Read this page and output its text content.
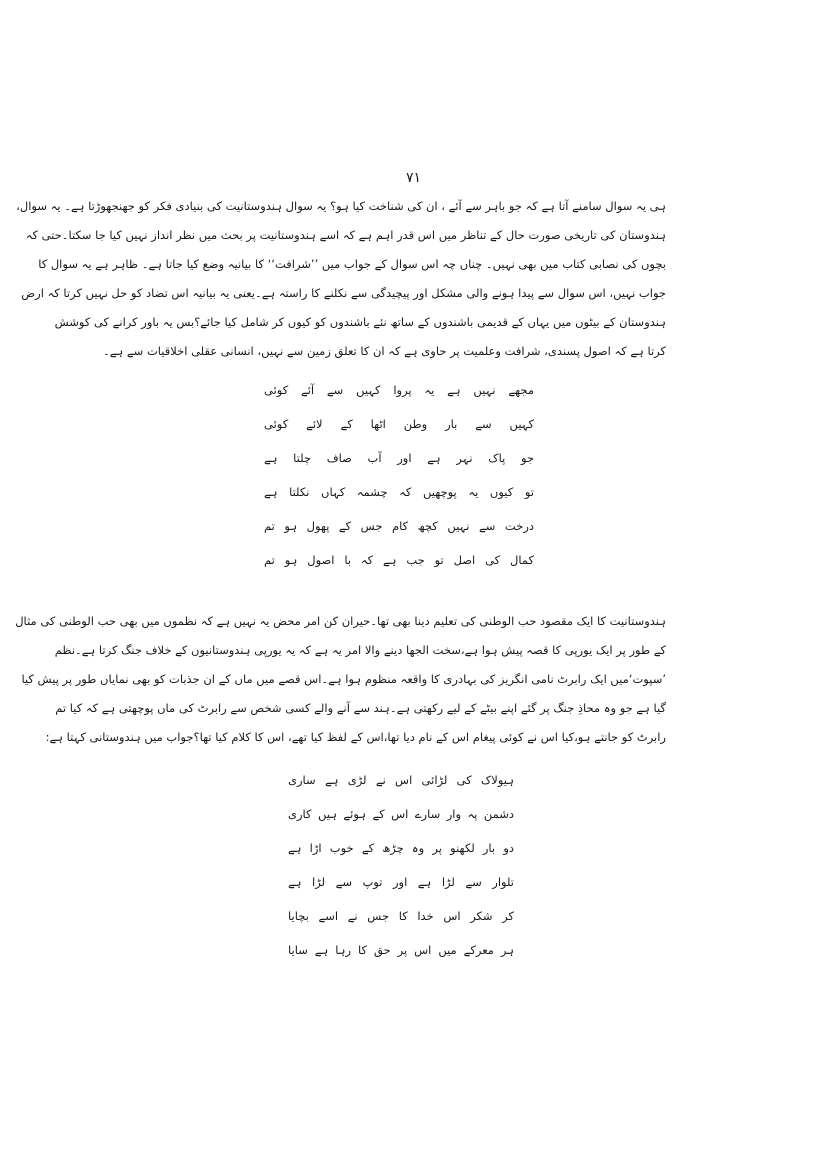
۷۱
ہی یہ سوال سامنے آتا ہے کہ جو باہر سے آئے ، ان کی شناخت کیا ہو؟ یہ سوال ہندوستانیت کی بنیادی فکر کو جھنجھوڑتا ہے۔ یہ سوال،
ہندوستان کی تاریخی صورت حال کے تناظر میں اس قدر اہم ہے کہ اسے ہندوستانیت پر بحث میں نظر انداز نہیں کیا جا سکتا۔حتی کہ
بچوں کی نصابی کتاب میں بھی نہیں۔ چناں چہ اس سوال کے جواب میں ’’شرافت‘‘ کا بیانیہ وضع کیا جاتا ہے۔ ظاہر ہے یہ سوال کا
جواب نہیں، اس سوال سے پیدا ہونے والی مشکل اور پیچیدگی سے نکلنے کا راستہ ہے۔یعنی یہ بیانیہ اس تضاد کو حل نہیں کرتا کہ ارض
ہندوستان کے بیٹوں میں یہاں کے قدیمی باشندوں کے ساتھ نئے باشندوں کو کیوں کر شامل کیا جائے؟بس یہ باور کرانے کی کوشش
کرتا ہے کہ اصول پسندی، شرافت وعلمیت پر حاوی ہے کہ ان کا تعلق زمین سے نہیں، انسانی عقلی اخلاقیات سے ہے۔
مجھے نہیں ہے یہ پروا کہیں سے آئے کوئی
کہیں سے بار وطن اٹھا کے لائے کوئی
جو پاک نہر ہے اور آب صاف چلتا ہے
تو کیوں یہ پوچھیں کہ چشمہ کہاں نکلتا ہے
درخت سے نہیں کچھ کام جس کے پھول ہو تم
کمال کی اصل تو جب ہے کہ با اصول ہو تم
ہندوستانیت کا ایک مقصود حب الوطنی کی تعلیم دینا بھی تھا۔حیران کن امر محض یہ نہیں ہے کہ نظموں میں بھی حب الوطنی کی مثال
کے طور پر ایک یورپی کا قصہ پیش ہوا ہے،سخت الجھا دینے والا امر یہ ہے کہ یہ یورپی ہندوستانیوں کے خلاف جنگ کرتا ہے۔نظم
’سپوت‘میں ایک رابرٹ نامی انگریز کی بہادری کا واقعہ منظوم ہوا ہے۔اس قصے میں ماں کے ان جذبات کو بھی نمایاں طور پر پیش کیا
گیا ہے جو وہ محاذِ جنگ پر گئے اپنے بیٹے کے لیے رکھتی ہے۔ہند سے آنے والے کسی شخص سے رابرٹ کی ماں پوچھتی ہے کہ کیا تم
رابرٹ کو جانتے ہو،کیا اس نے کوئی پیغام اس کے نام دیا تھا،اس کے لفظ کیا تھے، اس کا کلام کیا تھا؟جواب میں ہندوستانی کہتا ہے:
ہیولاک کی لڑائی اس نے لڑی ہے ساری
دشمن پہ وار سارے اس کے ہوئے ہیں کاری
دو بار لکھنو پر وہ چڑھ کے خوب اڑا ہے
تلوار سے لڑا ہے اور توپ سے لڑا ہے
کر شکر اس خدا کا جس نے اسے بچایا
ہر معرکے میں اس پر حق کا رہا ہے سایا
